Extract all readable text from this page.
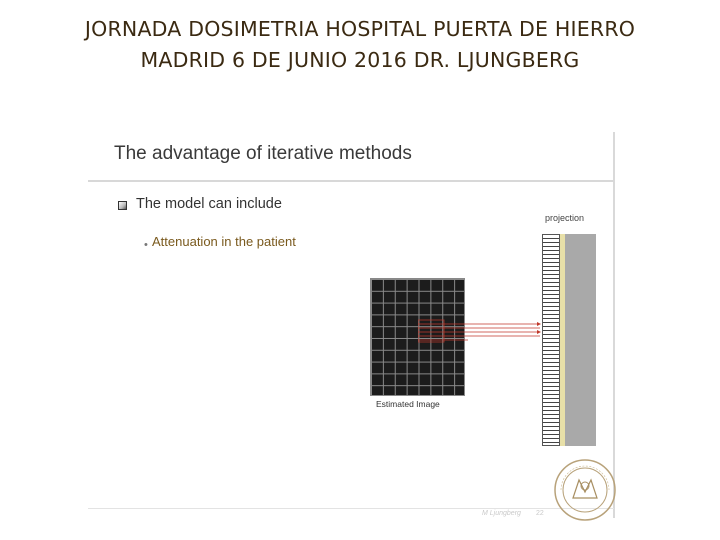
JORNADA DOSIMETRIA HOSPITAL PUERTA DE HIERRO
MADRID 6 DE JUNIO 2016 DR. LJUNGBERG
The advantage of iterative methods
The model can include
• Attenuation in the patient
projection
Estimated Image
M Ljungberg 22
